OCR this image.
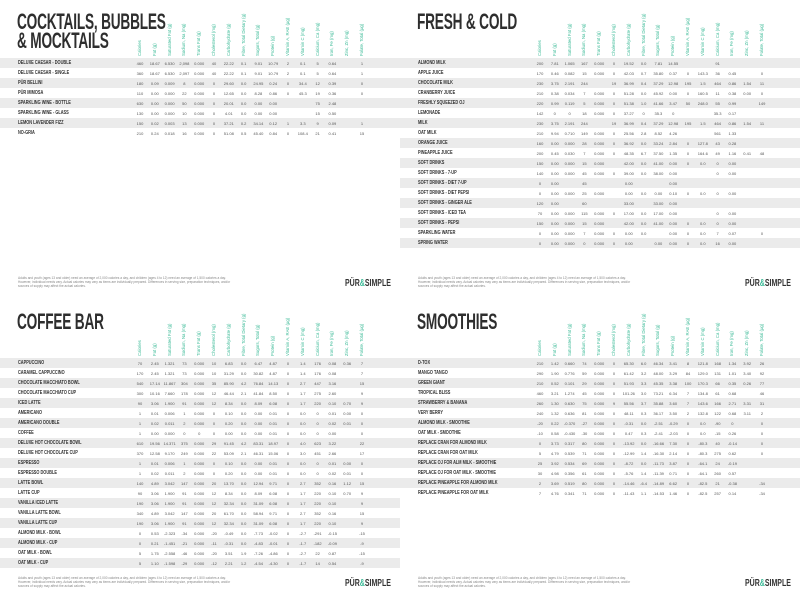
COCKTAILS, BUBBLES
& MOCKTAILS	Calories Fat (g) Saturated Fat (g) Sodium, Na (mg) Trans Fat (g) Cholesterol (mg) Carbohydrate (g) Fibre, Total Dietary (g) Sugars, Total (g) Protein (g) Vitamin A, RAE (µg) Vitamin C (mg) Calcium, Ca (mg) Iron, Fe (mg) Zinc, Zn (mg) Folate, Total (µg)
DELUXE CAESAR - DOUBLE	460	18.67	6.530	2,098	0.000	40	22.22	0.1	9.01	10.79	2	0.1	5	0.64	1
DELUXE CAESAR - SINGLE	360	18.67	6.530	2,097	0.000	40	22.22	0.1	9.01	10.79	2	0.1	5	0.64	1
PÜR BELLINI	180	0.09	0.009	8	0.000	0	29.60	0.0	24.95	0.24	0	34.4	12	0.39	0
PÜR MIMOSA	110	0.00	0.000	22	0.000	0	12.65	0.0	8.28	0.86	0	45.3	19	0.36	0
SPARKLING WINE - BOTTLE	630	0.00	0.000	50	0.000	0	20.01	0.0	0.00	0.00	75	2.48
SPARKLING WINE - GLASS	130	0.00	0.000	10	0.000	0	4.01	0.0	0.00	0.00	15	0.50
LEMON LAVENDER FIZZ	150	0.02	0.003	13	0.000	0	37.21	0.2	34.14	0.12	1	3.3	9	0.09	1
NO-GRIA	210	0.24	0.018	16	0.000	0	51.08	0.5	45.40	0.84	0	108.4	21	0.41	15
Adults and youth (ages 13 and older) need an average of 2,000 calories a day, and children (ages 4 to 12) need an average of 1,500 calories a day. However, individual needs vary. Actual calories may vary as items are individually prepared. Differences in serving size, preparation techniques, and/or sources of supply may affect the actual calories.	PÜR&SIMPLE
FRESH & COLD
Calories Fat (g) Saturated Fat (g) Sodium, Na (mg) Trans Fat (g) Cholesterol (mg) Carbohydrate (g) Fibre, Total Dietary (g) Sugars, Total (g) Protein (g) Vitamin A, RAE (µg) Vitamin C (mg) Calcium, Ca (mg) Iron, Fe (mg) Zinc, Zn (mg) Folate, Total (µg)
ALMOND MILK	200	7.81	1.065	167	0.000	0	19.52	0.0	7.81	14.55	91
APPLE JUICE	170	0.46	0.082	15	0.000	0	42.03	0.7	35.80	0.37	0	143.3	36	0.45	0
CHOCOLATE MILK	230	3.75	2.191	244	19	36.99	0.4	37.29	12.98	195	1.5	464	0.86	1.54	11
CRANBERRY JUICE	210	0.38	0.034	7	0.000	0	51.28	0.0	45.92	0.00	0	160.5	11	0.38	0.00	0
FRESHLY SQUEEZED OJ	220	0.99	0.119	5	0.000	0	51.38	1.0	41.66	3.47	50	248.0	55	0.99	149
LEMONADE	142	0	0	18	0.000	0	37.27	0	35.3	0	35.3	0.17
MILK	230	3.75	2.191	244	19	36.99	0.4	37.29	12.98	195	1.5	464	0.86	1.54	11
OAT MILK	210	9.94	0.710	149	0.000	0	25.56	2.8	8.52	4.26	561	1.33
ORANGE JUICE	160	0.00	0.000	28	0.000	0	36.92	0.0	33.24	2.84	0	127.8	43	0.28
PINEAPPLE JUICE	200	0.45	0.030	7	0.000	0	48.35	6.7	37.50	1.35	0	164.6	49	1.16	0.41	48
SOFT DRINKS	150	0.00	0.000	15	0.000	42.00	0.0	41.00	0.00	0	0.0	0	0.00
SOFT DRINKS - 7-UP	140	0.00	0.000	45	0.000	0	39.00	0.0	38.00	0.00	0	0.00
SOFT DRINKS - DIET 7-UP	0	0.00	45	0.00	0.00
SOFT DRINKS - DIET PEPSI	0	0.00	0.000	25	0.000	0.00	0.0	0.00	0.10	0	0.0	0	0.00
SOFT DRINKS - GINGER ALE	120	0.00	60	33.00	33.00	0.00
SOFT DRINKS - ICED TEA	70	0.00	0.000	115	0.000	0	17.00	0.0	17.00	0.00	0	0.00
SOFT DRINKS - PEPSI	150	0.00	0.000	15	0.000	42.00	0.0	41.00	0.00	0	0.0	0	0.00
SPARKLING WATER	0	0.00	0.000	7	0.000	0	0.00	0.0	0.00	0	0.0	7	0.07	0
SPRING WATER	0	0.00	0.000	0	0.000	0	0.00	0.00	0.00	0	0.0	16	0.00
Adults and youth (ages 13 and older) need an average of 2,000 calories a day, and children (ages 4 to 12) need an average of 1,500 calories a day. However, individual needs vary. Actual calories may vary as items are individually prepared. Differences in serving size, preparation techniques, and/or sources of supply may affect the actual calories.	PÜR&SIMPLE
COFFEE BAR
Calories Fat (g) Saturated Fat (g) Sodium, Na (mg) Trans Fat (g) Cholesterol (mg) Carbohydrate (g) Fibre, Total Dietary (g) Sugars, Total (g) Protein (g) Vitamin A, RAE (µg) Vitamin C (mg) Calcium, Ca (mg) Iron, Fe (mg) Zinc, Zn (mg) Folate, Total (µg)
CAPPUCCINO	70	2.45	1.321	73	0.000	10	6.83	0.0	6.47	4.87	0	1.4	176	0.08	0.36	7
CARAMEL CAPPUCCINO	170	2.45	1.321	73	0.000	10	31.29	0.0	30.82	4.87	0	1.4	176	0.08	7
CHOCOLATE MACCHIATO BOWL	540	17.14 11.867	304	0.000	35	85.90	4.2	76.84	14.13	0	2.7	447	3.16	15
CHOCOLATE MACCHIATO CUP	300	10.16	7.660	178	0.000	12	46.44	2.1	41.84	8.50	0	1.7	275	2.60	9
ICED LATTE	90	3.06	1.900	91	0.000	12	8.34	0.0	8.09	6.08	0	1.7	220	0.10	0.70	9
AMERICANO	1	0.01	0.006	1	0.000	0	0.10	0.0	0.00	0.01	0	0.0	0	0.01	0.00	0
AMERICANO DOUBLE	1	0.02	0.011	2	0.000	0	0.20	0.0	0.00	0.01	0	0.0	0	0.02	0.01	0
COFFEE	1	0.00	0.000	0	0	0	0.00	0.0	0.00	0.01	0	0.0	0	0.00	0
DELUXE HOT CHOCOLATE BOWL	610	19.56 14.371	375	0.000	29	91.45	4.2	83.31	18.97	0	4.0	623	3.22	22
DELUXE HOT CHOCOLATE CUP	370	12.58	9.170	249	0.000	22	53.09	2.1	46.31	15.06	0	3.0	451	2.66	17
ESPRESSO	1	0.01	0.006	1	0.000	0	0.10	0.0	0.00	0.01	0	0.0	0	0.01	0.00	0
ESPRESSO DOUBLE	1	0.02	0.011	2	0.000	0	0.20	0.0	0.00	0.01	0	0.0	0	0.02	0.01	0
LATTE BOWL	140	4.89	3.042	147	0.000	20	13.70	0.0	12.94	9.71	0	2.7	352	0.16	1.12	15
LATTE CUP	90	3.06	1.900	91	0.000	12	8.34	0.0	8.09	6.08	0	1.7	220	0.10	0.70	9
VANILLA ICED LATTE	190	3.06	1.900	91	0.000	12	32.34	0.0	31.09	6.08	0	1.7	220	0.10	9
VANILLA LATTE BOWL	340	4.89	3.042	147	0.000	20	61.70	0.0	58.94	9.71	0	2.7	352	0.16	15
VANILLA LATTE CUP	190	3.06	1.900	91	0.000	12	32.34	0.0	31.09	6.08	0	1.7	220	0.10	9
ALMOND MILK - BOWL	0	0.53	-2.323	-34	0.000	-20	-0.49	0.0	-7.73	-0.02	0	-2.7	-291	-0.15	-15
ALMOND MILK - CUP	0	0.21	-1.451	-21	0.000	-11	-0.31	0.0	-4.83	-0.01	0	-1.7	-182	-0.09	-9
OAT MILK - BOWL	5	1.75	-2.558	-46	0.000	-20	3.51	1.9	-7.26	-4.86	0	-2.7	22	0.87	-15
OAT MILK - CUP	5	1.10	-1.598	-29	0.000	-12	2.21	1.2	-4.54	-4.30	0	-1.7	14	0.54	-9
Adults and youth (ages 13 and older) need an average of 2,000 calories a day, and children (ages 4 to 12) need an average of 1,500 calories a day. However, individual needs vary. Actual calories may vary as items are individually prepared. Differences in serving size, preparation techniques, and/or sources of supply may affect the actual calories.	PÜR&SIMPLE
SMOOTHIES
Calories Fat (g) Saturated Fat (g) Sodium, Na (mg) Trans Fat (g) Cholesterol (mg) Carbohydrate (g) Fibre, Total Dietary (g) Sugars, Total (g) Protein (g) Vitamin A, RAE (µg) Vitamin C (mg) Calcium, Ca (mg) Iron, Fe (mg) Zinc, Zn (mg) Folate, Total (µg)
D-TOX	210	1.42	0.660	74	0.000	0	65.30	6.0	46.34	3.41	8	121.8	168	1.34	3.92	26
MANGO TANGO	290	1.90	0.776	59	0.000	0	61.42	3.2	48.00	3.29	84	129.0	131	1.01	3.40	92
GREEN GIANT	210	0.52	0.101	29	0.000	0	51.93	3.3	45.35	3.38	100	170.3	66	0.35	0.26	77
TROPICAL BLISS	460	3.21	1.274	45	0.000	0	101.26	3.0	73.21	6.34	7	134.8	61	0.68	46
STRAWBERRY & BANANA	260	1.30	0.630	75	0.000	9	55.56	3.7	35.88	3.60	7	143.6	166	2.71	3.31	31
VERY BERRY	240	1.32	0.636	81	0.000	0	48.11	0.3	36.17	3.50	2	132.8	122	0.68	3.11	2
ALMOND MILK - SMOOTHIE	-20	0.22	-0.370	-27	0.000	0	-0.31	0.0	-2.51	-0.29	0	0.0	-90	0	0
OAT MILK - SMOOTHIE	-10	0.58	-0.430	-30	0.000	0	0.47	0.3	-2.41	-2.03	0	0.0	-15	0.26	0
REPLACE CRAN FOR ALMOND MILK	0	3.73	0.317	80	0.000	0	-13.92	0.0	-16.66	7.30	0	-80.3	40	-0.14	0
REPLACE CRAN FOR OAT MILK	5	4.79	0.539	71	0.000	0	-12.99	1.4	-16.30	2.14	0	-80.3	275	0.62	0
REPLACE OJ FOR ALM MILK - SMOOTHIE	25	3.92	0.534	69	0.000	0	-8.72	0.0	-11.73	3.87	0	-64.1	24	-0.19
REPLACE OJ FOR OAT MILK - SMOOTHIE	30	4.98	0.356	61	0.000	0	-5.76	1.4	-11.39	0.71	0	-64.1	260	0.57
REPLACE PINEAPPLE FOR ALMOND MILK	2	3.69	0.519	80	0.000	0	-14.46	-6.4	-14.89	6.62	0	-82.5	21	-0.38	-34
REPLACE PINEAPPLE FOR OAT MILK	7	4.76	0.341	71	0.000	0	-11.43	1.1	-14.53	1.46	0	-82.5	257	0.14	-34
Adults and youth (ages 13 and older) need an average of 2,000 calories a day, and children (ages 4 to 12) need an average of 1,500 calories a day. However, individual needs vary. Actual calories may vary as items are individually prepared. Differences in serving size, preparation techniques, and/or sources of supply may affect the actual calories.	PÜR&SIMPLE
